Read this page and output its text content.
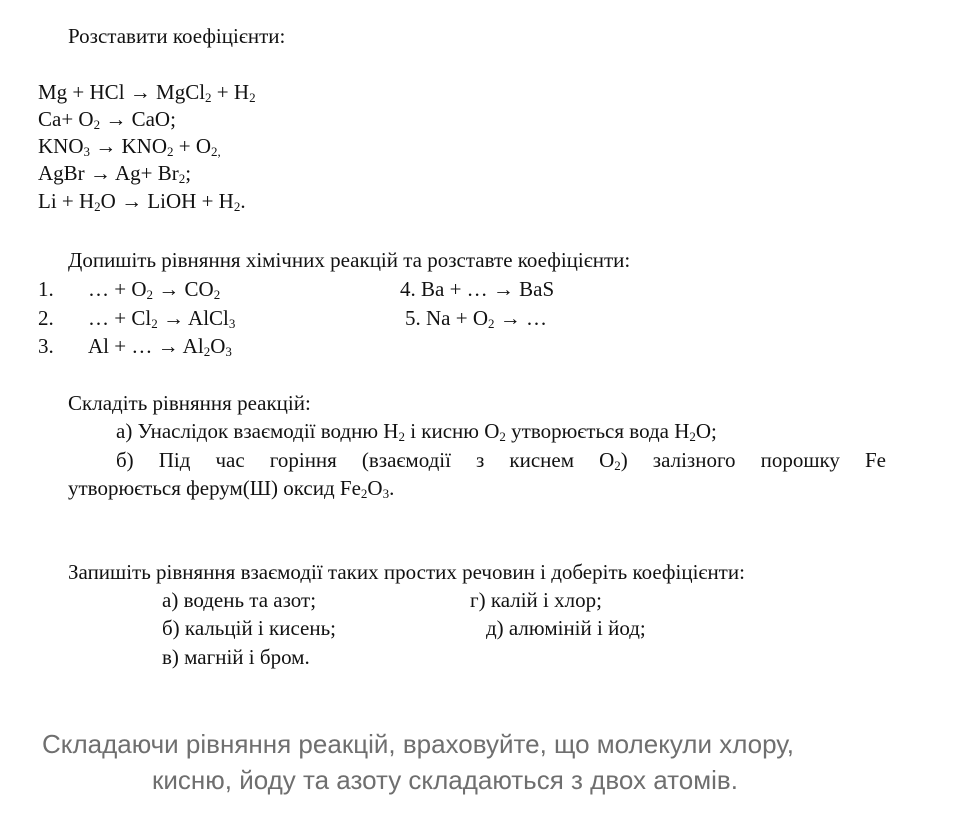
Розставити коефіцієнти:
Mg + HCl → MgCl$_2$ + $H_2$
$Ca+ O_2$ → CaO;
$KNO_3 \to KNO_2 + O_{2,}$
AgBr → $Ag+ Br_2$;
$Li + H_2O$ → LiOH + $H_2$.
Допишіть рівняння хімічних реакцій та розставте коефіцієнти:
1. … + $O_2 \to CO_2$	4. Ba + … → BaS
2. … + $Cl_2$ → AlCl$_3$	5. $Na + O_2$ → …
3. Al + … → $Al_2O_3$
Складіть рівняння реакцій:
а) Унаслідок взаємодії водню $H_2$ і кисню $O_2$ утворюється вода $H_2O$;
б) Під час горіння (взаємодії з киснем $O_2$) залізного порошку Fe
утворюється ферум(Ш) оксид $Fe_2O_3$.
Запишіть рівняння взаємодії таких простих речовин і доберіть коефіцієнти:
а) водень та азот;	г) калій і хлор;
б) кальцій і кисень;	д) алюміній і йод;
в) магній і бром.
Складаючи рівняння реакцій, враховуйте, що молекули хлору,
кисню, йоду та азоту складаються з двох атомів.
